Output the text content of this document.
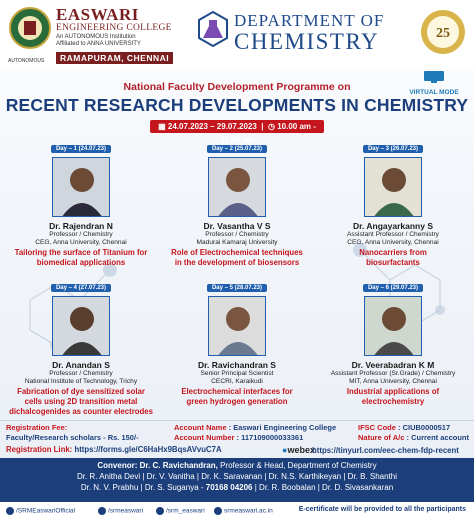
AUTONOMOUS
EASWARI
ENGINEERING COLLEGE
An AUTONOMOUS Institution
Affiliated to ANNA UNIVERSITY
RAMAPURAM, CHENNAI
DEPARTMENT OF
CHEMISTRY	25
VIRTUAL MODE
National Faculty Development Programme on
RECENT RESEARCH DEVELOPMENTS IN CHEMISTRY
▦ 24.07.2023 – 29.07.2023  |  ◷ 10.00 am - 11.00 am
Day – 1 (24.07.23)
Dr. Rajendran N
Professor / Chemistry
CEG, Anna University, Chennai
Tailoring the surface of Titanium for
biomedical applications
Day – 2 (25.07.23)
Dr. Vasantha V S
Professor / Chemistry
Madurai Kamaraj University
Role of Electrochemical techniques
in the development of biosensors
Day – 3 (26.07.23)
Dr. Angayarkanny S
Assistant Professor / Chemistry
CEG, Anna University, Chennai
Nanocarriers from
biosurfactants
Day – 4 (27.07.23)
Dr. Anandan S
Professor / Chemistry
National Institute of Technology, Trichy
Fabrication of dye sensitized solar
cells using 2D transition metal
dichalcogenides as counter electrodes
Day – 5 (28.07.23)
Dr. Ravichandran S
Senior Principal Scientist
CECRI, Karaikudi
Electrochemical interfaces for
green hydrogen generation
Day – 6 (29.07.23)
Dr. Veerabadran K M
Assistant Professor (Sr.Grade) / Chemistry
MIT, Anna University, Chennai
Industrial applications of
electrochemistry
Registration Fee:
Faculty/Research scholars - Rs. 150/-
Account Name : Easwari Engineering College
Account Number : 117109000033361
IFSC Code : CIUB0000517
Nature of A/c : Current account
Registration Link: https://forms.gle/C6HaHx9BqsAVvuC7A	●webex
https://tinyurl.com/eec-chem-fdp-recent
Convenor: Dr. C. Ravichandran, Professor & Head, Department of Chemistry
Dr. R. Anitha Devi | Dr. V. Vanitha | Dr. K. Saravanan | Dr. N.S. Karthikeyan | Dr. B. Shanthi
Dr. N. V. Prabhu | Dr. S. Suganya - 70168 04206 | Dr. R. Boobalan | Dr. D. Sivasankaran
/SRMEaswariOfficial	/srmeaswari	/srm_easwari	srmeaswari.ac.in	E-certificate will be provided to all the participants
